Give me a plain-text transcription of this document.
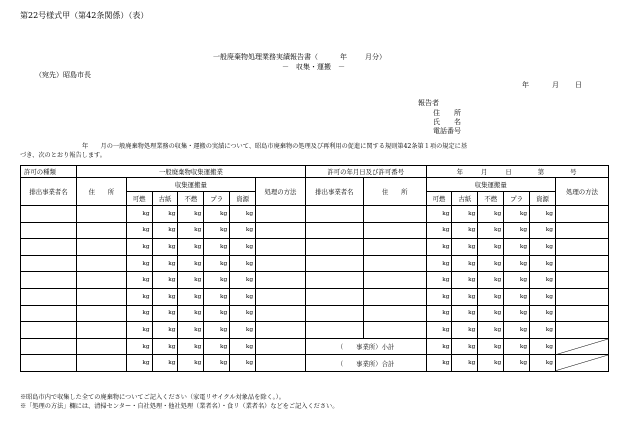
第22号様式甲（第42条関係）（表）
一般廃棄物処理業務実績報告書（	年	月分）
－　収集・運搬　－
（宛先）昭島市長
年	月 日
報告者
住　　所
氏　　名
電話番号
年　　月の一般廃棄物処理業務の収集・運搬の実績について、昭島市廃棄物の処理及び再利用の促進に関する規則第42条第１項の規定に基
づき、次のとおり報告します。
許可の種類	一般廃棄物収集運搬業							許可の年月日及び許可番号		年 月 日 第 号					
排出事業者名	住　　所	収集運搬量					処理の方法	排出事業者名	住　　所	収集運搬量					処理の方法
		可燃	古紙	不燃	プラ	資源				可燃	古紙	不燃	プラ	資源	
		kg	kg	kg	kg	kg				kg	kg	kg	kg	kg	
		kg	kg	kg	kg	kg				kg	kg	kg	kg	kg	
		kg	kg	kg	kg	kg				kg	kg	kg	kg	kg	
		kg	kg	kg	kg	kg				kg	kg	kg	kg	kg	
		kg	kg	kg	kg	kg				kg	kg	kg	kg	kg	
		kg	kg	kg	kg	kg				kg	kg	kg	kg	kg	
		kg	kg	kg	kg	kg				kg	kg	kg	kg	kg	
		kg	kg	kg	kg	kg				kg	kg	kg	kg	kg	
		kg	kg	kg	kg	kg		（　　事業所）小計		kg	kg	kg	kg	kg	

		kg	kg	kg	kg	kg		（　　事業所）合計		kg	kg	kg	kg	kg	
※昭島市内で収集した全ての廃棄物についてご記入ください（家電リサイクル対象品を除く。）。
※「処理の方法」欄には、清掃センター・自社処理・他社処理（業者名）・食リ（業者名）などをご記入ください。
